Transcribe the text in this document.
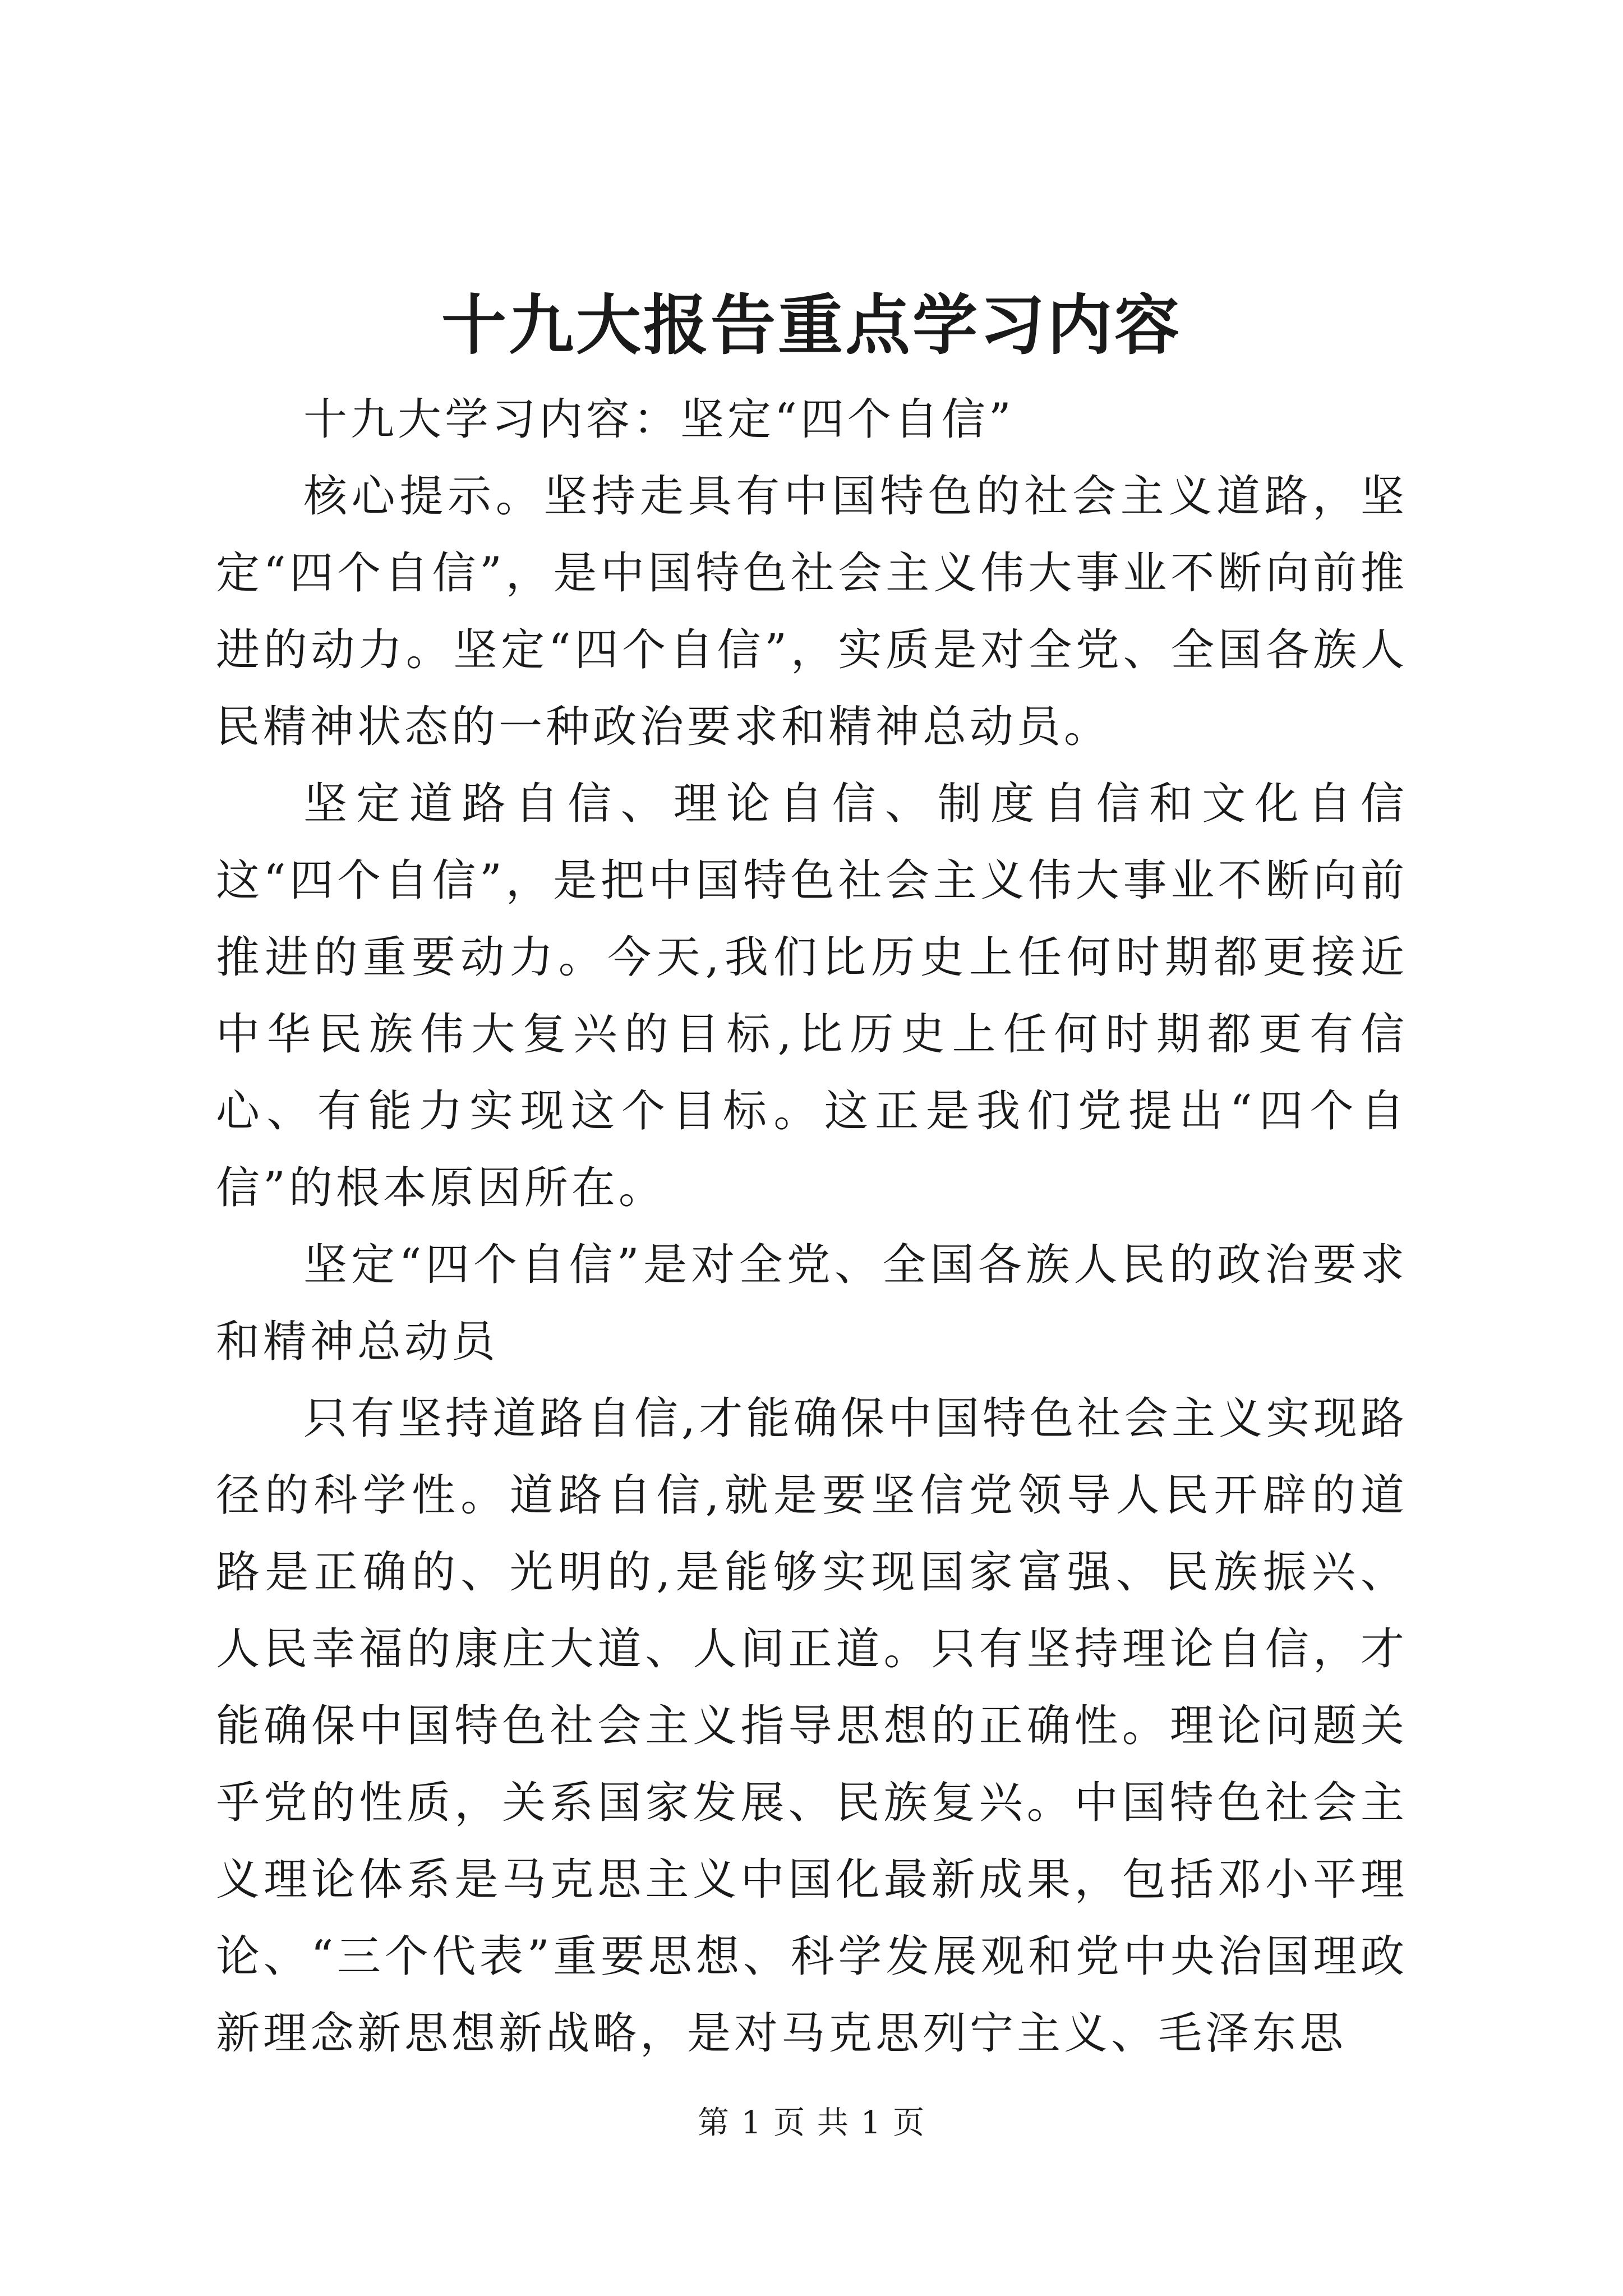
十九大报告重点学习内容

十九大学习内容：坚定“四个自信”

核心提示。坚持走具有中国特色的社会主义道路，坚定“四个自信”，是中国特色社会主义伟大事业不断向前推进的动力。坚定“四个自信”，实质是对全党、全国各族人民精神状态的一种政治要求和精神总动员。

坚定道路自信、理论自信、制度自信和文化自信这“四个自信”，是把中国特色社会主义伟大事业不断向前推进的重要动力。今天,我们比历史上任何时期都更接近中华民族伟大复兴的目标,比历史上任何时期都更有信心、有能力实现这个目标。这正是我们党提出“四个自信”的根本原因所在。

坚定“四个自信”是对全党、全国各族人民的政治要求和精神总动员

只有坚持道路自信,才能确保中国特色社会主义实现路径的科学性。道路自信,就是要坚信党领导人民开辟的道路是正确的、光明的,是能够实现国家富强、民族振兴、人民幸福的康庄大道、人间正道。只有坚持理论自信，才能确保中国特色社会主义指导思想的正确性。理论问题关乎党的性质，关系国家发展、民族复兴。中国特色社会主义理论体系是马克思主义中国化最新成果，包括邓小平理论、“三个代表”重要思想、科学发展观和党中央治国理政新理念新思想新战略，是对马克思列宁主义、毛泽东思

第 1 页 共 1 页
